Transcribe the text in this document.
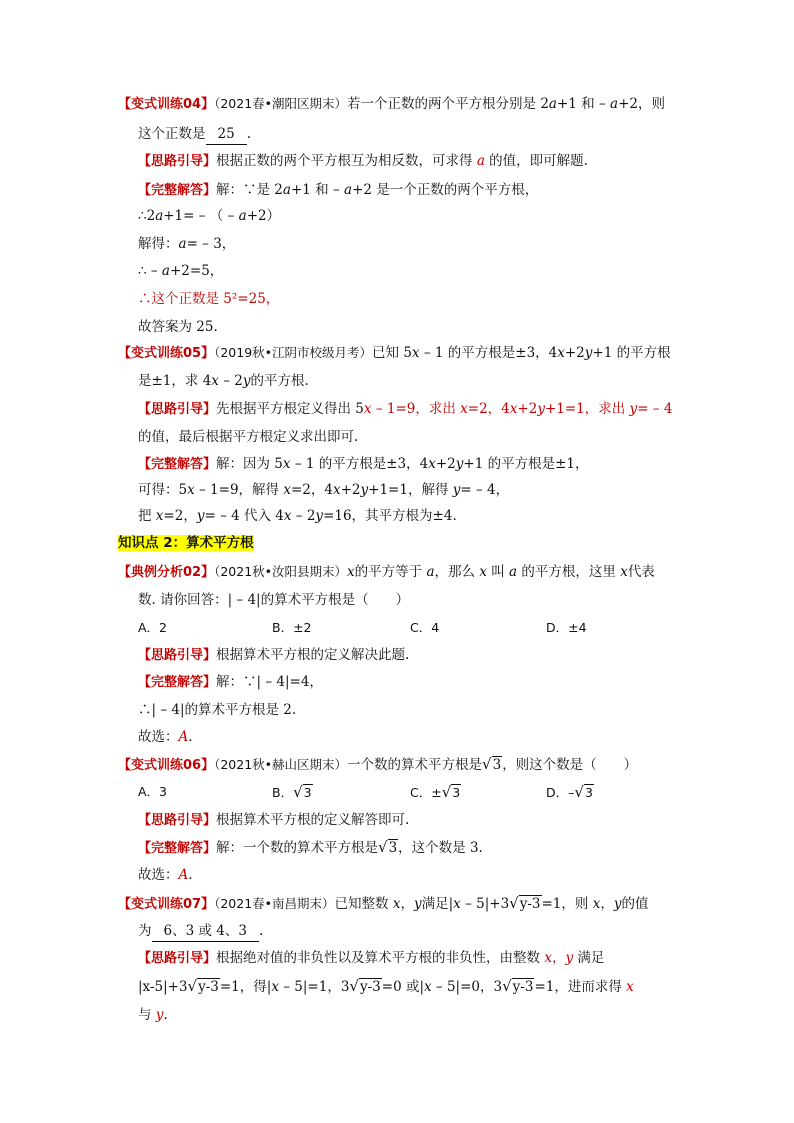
【变式训练04】（2021春•潮阳区期末）若一个正数的两个平方根分别是 2a+1 和 – a+2，则
这个正数是 25 .
【思路引导】根据正数的两个平方根互为相反数，可求得 a 的值，即可解题.
【完整解答】解：∵是 2a+1 和 – a+2 是一个正数的两个平方根，
∴2a+1= – （ – a+2）
解得：a= – 3，
∴ – a+2=5，
∴这个正数是 5²=25，
故答案为 25.
【变式训练05】（2019秋•江阴市校级月考）已知 5x – 1 的平方根是±3，4x+2y+1 的平方根
是±1，求 4x – 2y的平方根.
【思路引导】先根据平方根定义得出 5x – 1=9，求出 x=2，4x+2y+1=1，求出 y= – 4
的值，最后根据平方根定义求出即可.
【完整解答】解：因为 5x – 1 的平方根是±3，4x+2y+1 的平方根是±1，
可得：5x – 1=9，解得 x=2，4x+2y+1=1，解得 y= – 4，
把 x=2，y= – 4 代入 4x – 2y=16，其平方根为±4.
知识点 2：算术平方根
【典例分析02】（2021秋•汝阳县期末）x的平方等于 a，那么 x 叫 a 的平方根，这里 x代表
数. 请你回答：| – 4|的算术平方根是（　　）
A．2	B．±2	C．4	D．±4
【思路引导】根据算术平方根的定义解决此题.
【完整解答】解：∵| – 4|=4，
∴| – 4|的算术平方根是 2.
故选：A.
【变式训练06】（2021秋•赫山区期末）一个数的算术平方根是√3，则这个数是（　　）
A．3	B．√3	C．±√3	D．–√3
【思路引导】根据算术平方根的定义解答即可.
【完整解答】解：一个数的算术平方根是√3，这个数是 3.
故选：A.
【变式训练07】（2021春•南昌期末）已知整数 x，y满足|x – 5|+3√y-3=1，则 x，y的值
为 6、3 或 4、3 .
【思路引导】根据绝对值的非负性以及算术平方根的非负性，由整数 x，y 满足
|x-5|+3√y-3=1，得|x – 5|=1，3√y-3=0 或|x – 5|=0，3√y-3=1，进而求得 x
与 y.
